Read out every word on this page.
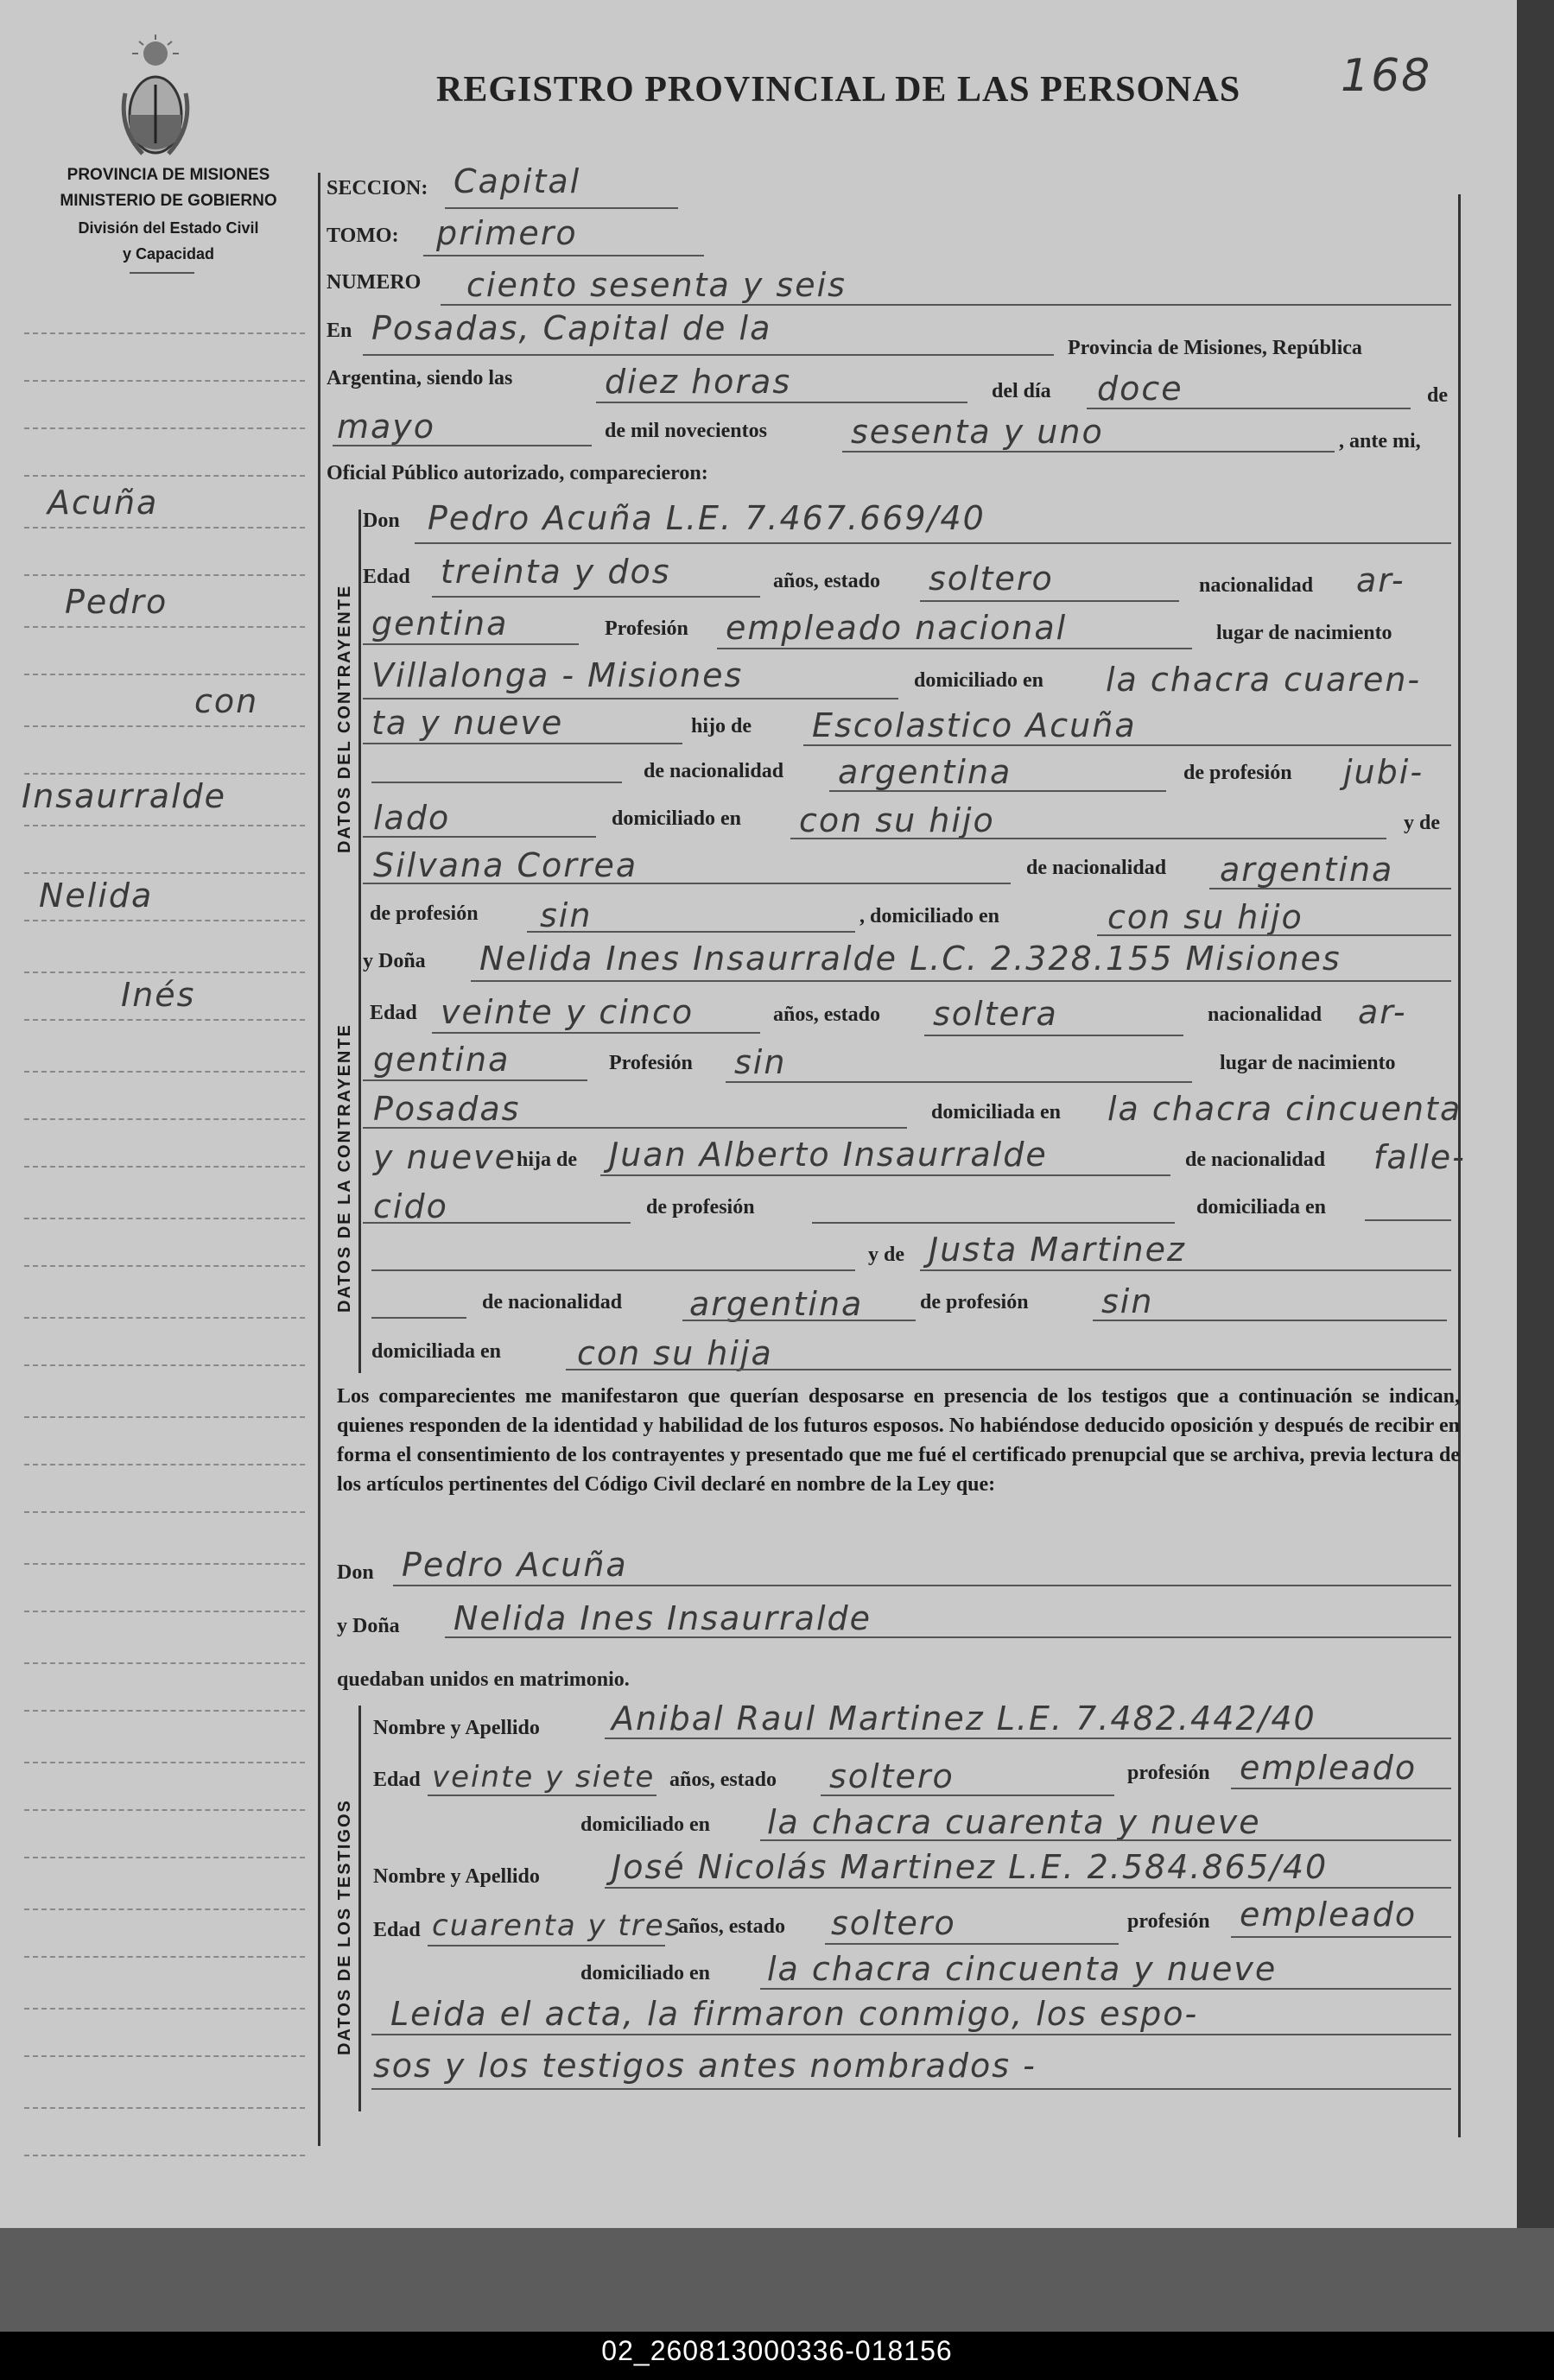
02_260813000336-018156
REGISTRO PROVINCIAL DE LAS PERSONAS 168
PROVINCIA DE MISIONES
MINISTERIO DE GOBIERNO
División del Estado Civil
y Capacidad
Acuña
Pedro
con
Insaurralde
Nelida
Inés
DATOS DEL CONTRAYENTE
DATOS DE LA CONTRAYENTE
DATOS DE LOS TESTIGOS
SECCION: Capital
TOMO: primero
NUMERO ciento sesenta y seis
En Posadas, Capital de la
Provincia de Misiones, República
Argentina, siendo las	diez horas	del día doce	de
mayo	de mil novecientos	sesenta y uno	, ante mi,
Oficial Público autorizado, comparecieron:
Don Pedro Acuña L.E. 7.467.669/40
Edad treinta y dos	años, estado soltero	nacionalidad ar-
gentina	Profesión empleado nacional	lugar de nacimiento
Villalonga - Misiones	domiciliado en la chacra cuaren-
ta y nueve	hijo de Escolastico Acuña
de nacionalidad argentina	de profesión jubi-
lado	domiciliado en con su hijo	y de
Silvana Correa	de nacionalidad argentina
de profesión sin	, domiciliado en	con su hijo
y Doña Nelida Ines Insaurralde L.C. 2.328.155 Misiones
Edad veinte y cinco	años, estado soltera	nacionalidad ar-
gentina	Profesión sin	lugar de nacimiento
Posadas	domiciliada en la chacra cincuenta
y nueve hija de Juan Alberto Insaurralde	de nacionalidad falle-
cido	de profesión	domiciliada en
y de Justa Martinez
de nacionalidad argentina	de profesión sin
domiciliada en con su hija
Los comparecientes me manifestaron que querían desposarse en presencia de los testigos que a continuación se indican, quienes responden de la identidad y habilidad de los futuros esposos. No habiéndose deducido oposición y después de recibir en forma el consentimiento de los contrayentes y presentado que me fué el certificado prenupcial que se archiva, previa lectura de los artículos pertinentes del Código Civil declaré en nombre de la Ley que:
Don Pedro Acuña
y Doña Nelida Ines Insaurralde
quedaban unidos en matrimonio.
Nombre y Apellido Anibal Raul Martinez L.E. 7.482.442/40
Edad veinte y siete años, estado soltero	profesión empleado
domiciliado en la chacra cuarenta y nueve
Nombre y Apellido José Nicolás Martinez L.E. 2.584.865/40
Edad cuarenta y tres
años, estado soltero	profesión empleado
domiciliado en la chacra cincuenta y nueve
Leida el acta, la firmaron conmigo, los espo-
sos y los testigos antes nombrados -
